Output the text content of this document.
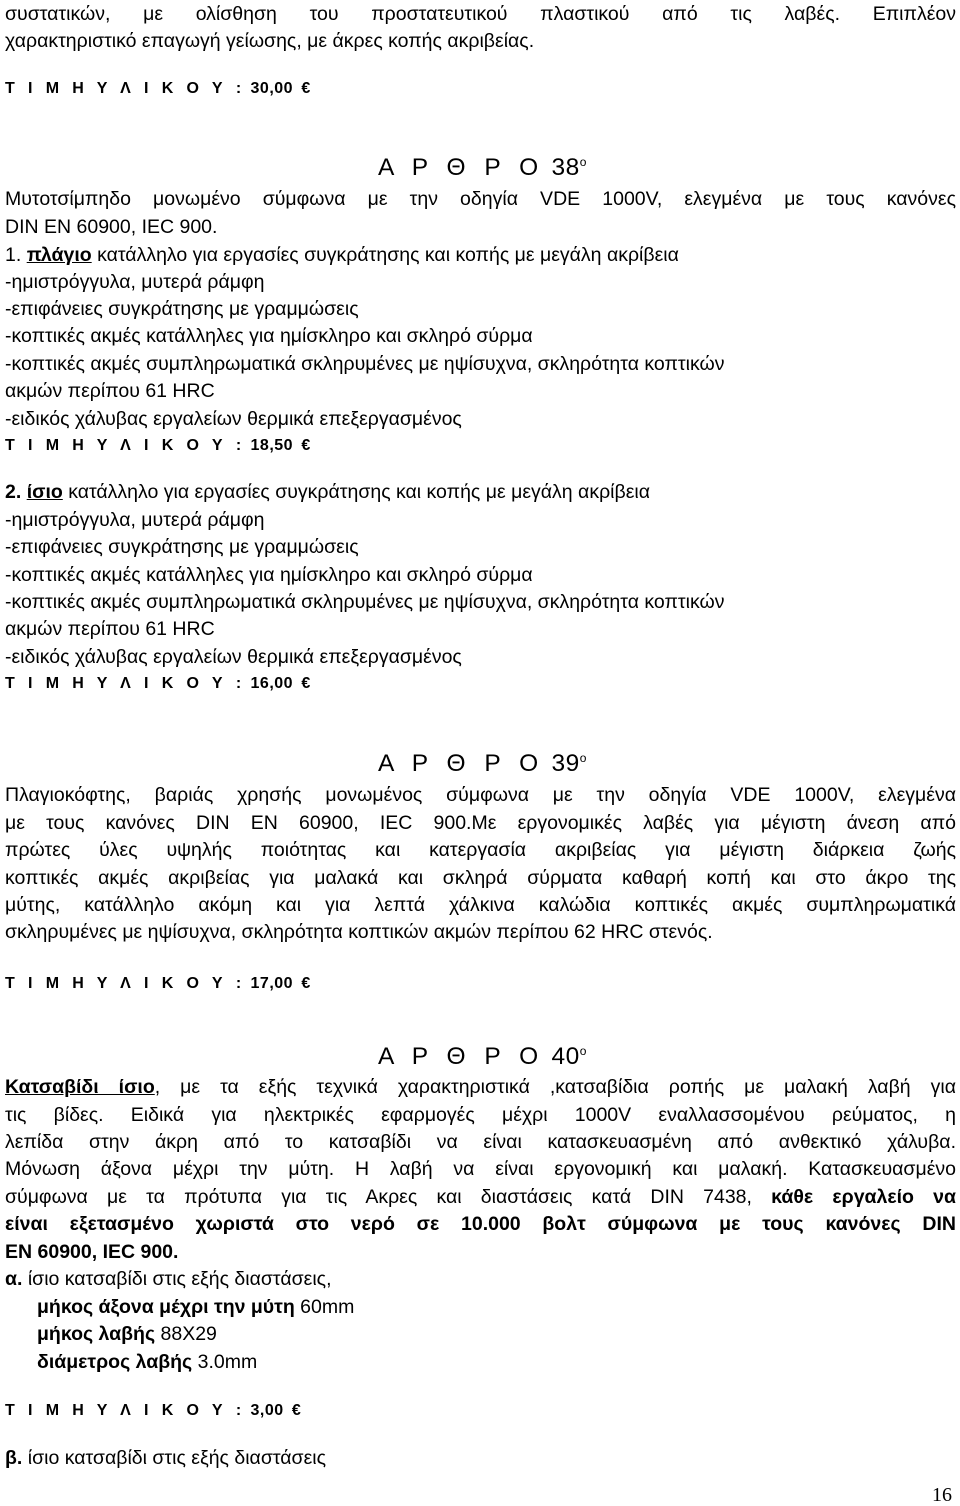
συστατικών, με ολίσθηση του προστατευτικού πλαστικού από τις λαβές. Επιπλέον
χαρακτηριστικό επαγωγή γείωσης, με άκρες κοπής ακριβείας.
Τ Ι Μ Η Υ Λ Ι Κ Ο Υ : 30,00 €
Α Ρ Θ Ρ Ο $38^o$
Μυτοτσίμπηδο μονωμένο σύμφωνα με την οδηγία VDE 1000V, ελεγμένα με τους κανόνες
DIN EN 60900, IEC 900.
1. πλάγιο κατάλληλο για εργασίες συγκράτησης και κοπής με μεγάλη ακρίβεια
-ημιστρόγγυλα, μυτερά ράμφη
-επιφάνειες συγκράτησης με γραμμώσεις
-κοπτικές ακμές κατάλληλες για ημίσκληρο και σκληρό σύρμα
-κοπτικές ακμές συμπληρωματικά σκληρυμένες με ηψίσυχνα, σκληρότητα κοπτικών
ακμών περίπου 61 HRC
-ειδικός χάλυβας εργαλείων θερμικά επεξεργασμένος
Τ Ι Μ Η Υ Λ Ι Κ Ο Υ : 18,50 €
2. ίσιο κατάλληλο για εργασίες συγκράτησης και κοπής με μεγάλη ακρίβεια
-ημιστρόγγυλα, μυτερά ράμφη
-επιφάνειες συγκράτησης με γραμμώσεις
-κοπτικές ακμές κατάλληλες για ημίσκληρο και σκληρό σύρμα
-κοπτικές ακμές συμπληρωματικά σκληρυμένες με ηψίσυχνα, σκληρότητα κοπτικών
ακμών περίπου 61 HRC
-ειδικός χάλυβας εργαλείων θερμικά επεξεργασμένος
Τ Ι Μ Η Υ Λ Ι Κ Ο Υ : 16,00 €
Α Ρ Θ Ρ Ο $39^o$
Πλαγιοκόφτης, βαριάς χρησής μονωμένος σύμφωνα με την οδηγία VDE 1000V, ελεγμένα
με τους κανόνες DIN EN 60900, IEC 900.Με εργονομικές λαβές για μέγιστη άνεση από
πρώτες ύλες υψηλής ποιότητας και κατεργασία ακριβείας για μέγιστη διάρκεια ζωής
κοπτικές ακμές ακριβείας για μαλακά και σκληρά σύρματα καθαρή κοπή και στο άκρο της
μύτης, κατάλληλο ακόμη και για λεπτά χάλκινα καλώδια κοπτικές ακμές συμπληρωματικά
σκληρυμένες με ηψίσυχνα, σκληρότητα κοπτικών ακμών περίπου 62 HRC στενός.
Τ Ι Μ Η Υ Λ Ι Κ Ο Υ : 17,00 €
Α Ρ Θ Ρ Ο $40^o$
Κατσαβίδι ίσιο, με τα εξής τεχνικά χαρακτηριστικά ,κατσαβίδια ροπής με μαλακή λαβή για
τις βίδες. Ειδικά για ηλεκτρικές εφαρμογές μέχρι 1000V εναλλασσομένου ρεύματος, η
λεπίδα στην άκρη από το κατσαβίδι να είναι κατασκευασμένη από ανθεκτικό χάλυβα.
Μόνωση άξονα μέχρι την μύτη. Η λαβή να είναι εργονομική και μαλακή. Κατασκευασμένο
σύμφωνα με τα πρότυπα για τις Ακρες και διαστάσεις κατά DIN 7438, κάθε εργαλείο να
είναι εξετασμένο χωριστά στο νερό σε 10.000 βολτ σύμφωνα με τους κανόνες DIN
EN 60900, IEC 900.
α. ίσιο κατσαβίδι στις εξής διαστάσεις,
μήκος άξονα μέχρι την μύτη 60mm
μήκος λαβής 88X29
διάμετρος λαβής 3.0mm
Τ Ι Μ Η Υ Λ Ι Κ Ο Υ : 3,00 €
β. ίσιο κατσαβίδι στις εξής διαστάσεις
16
